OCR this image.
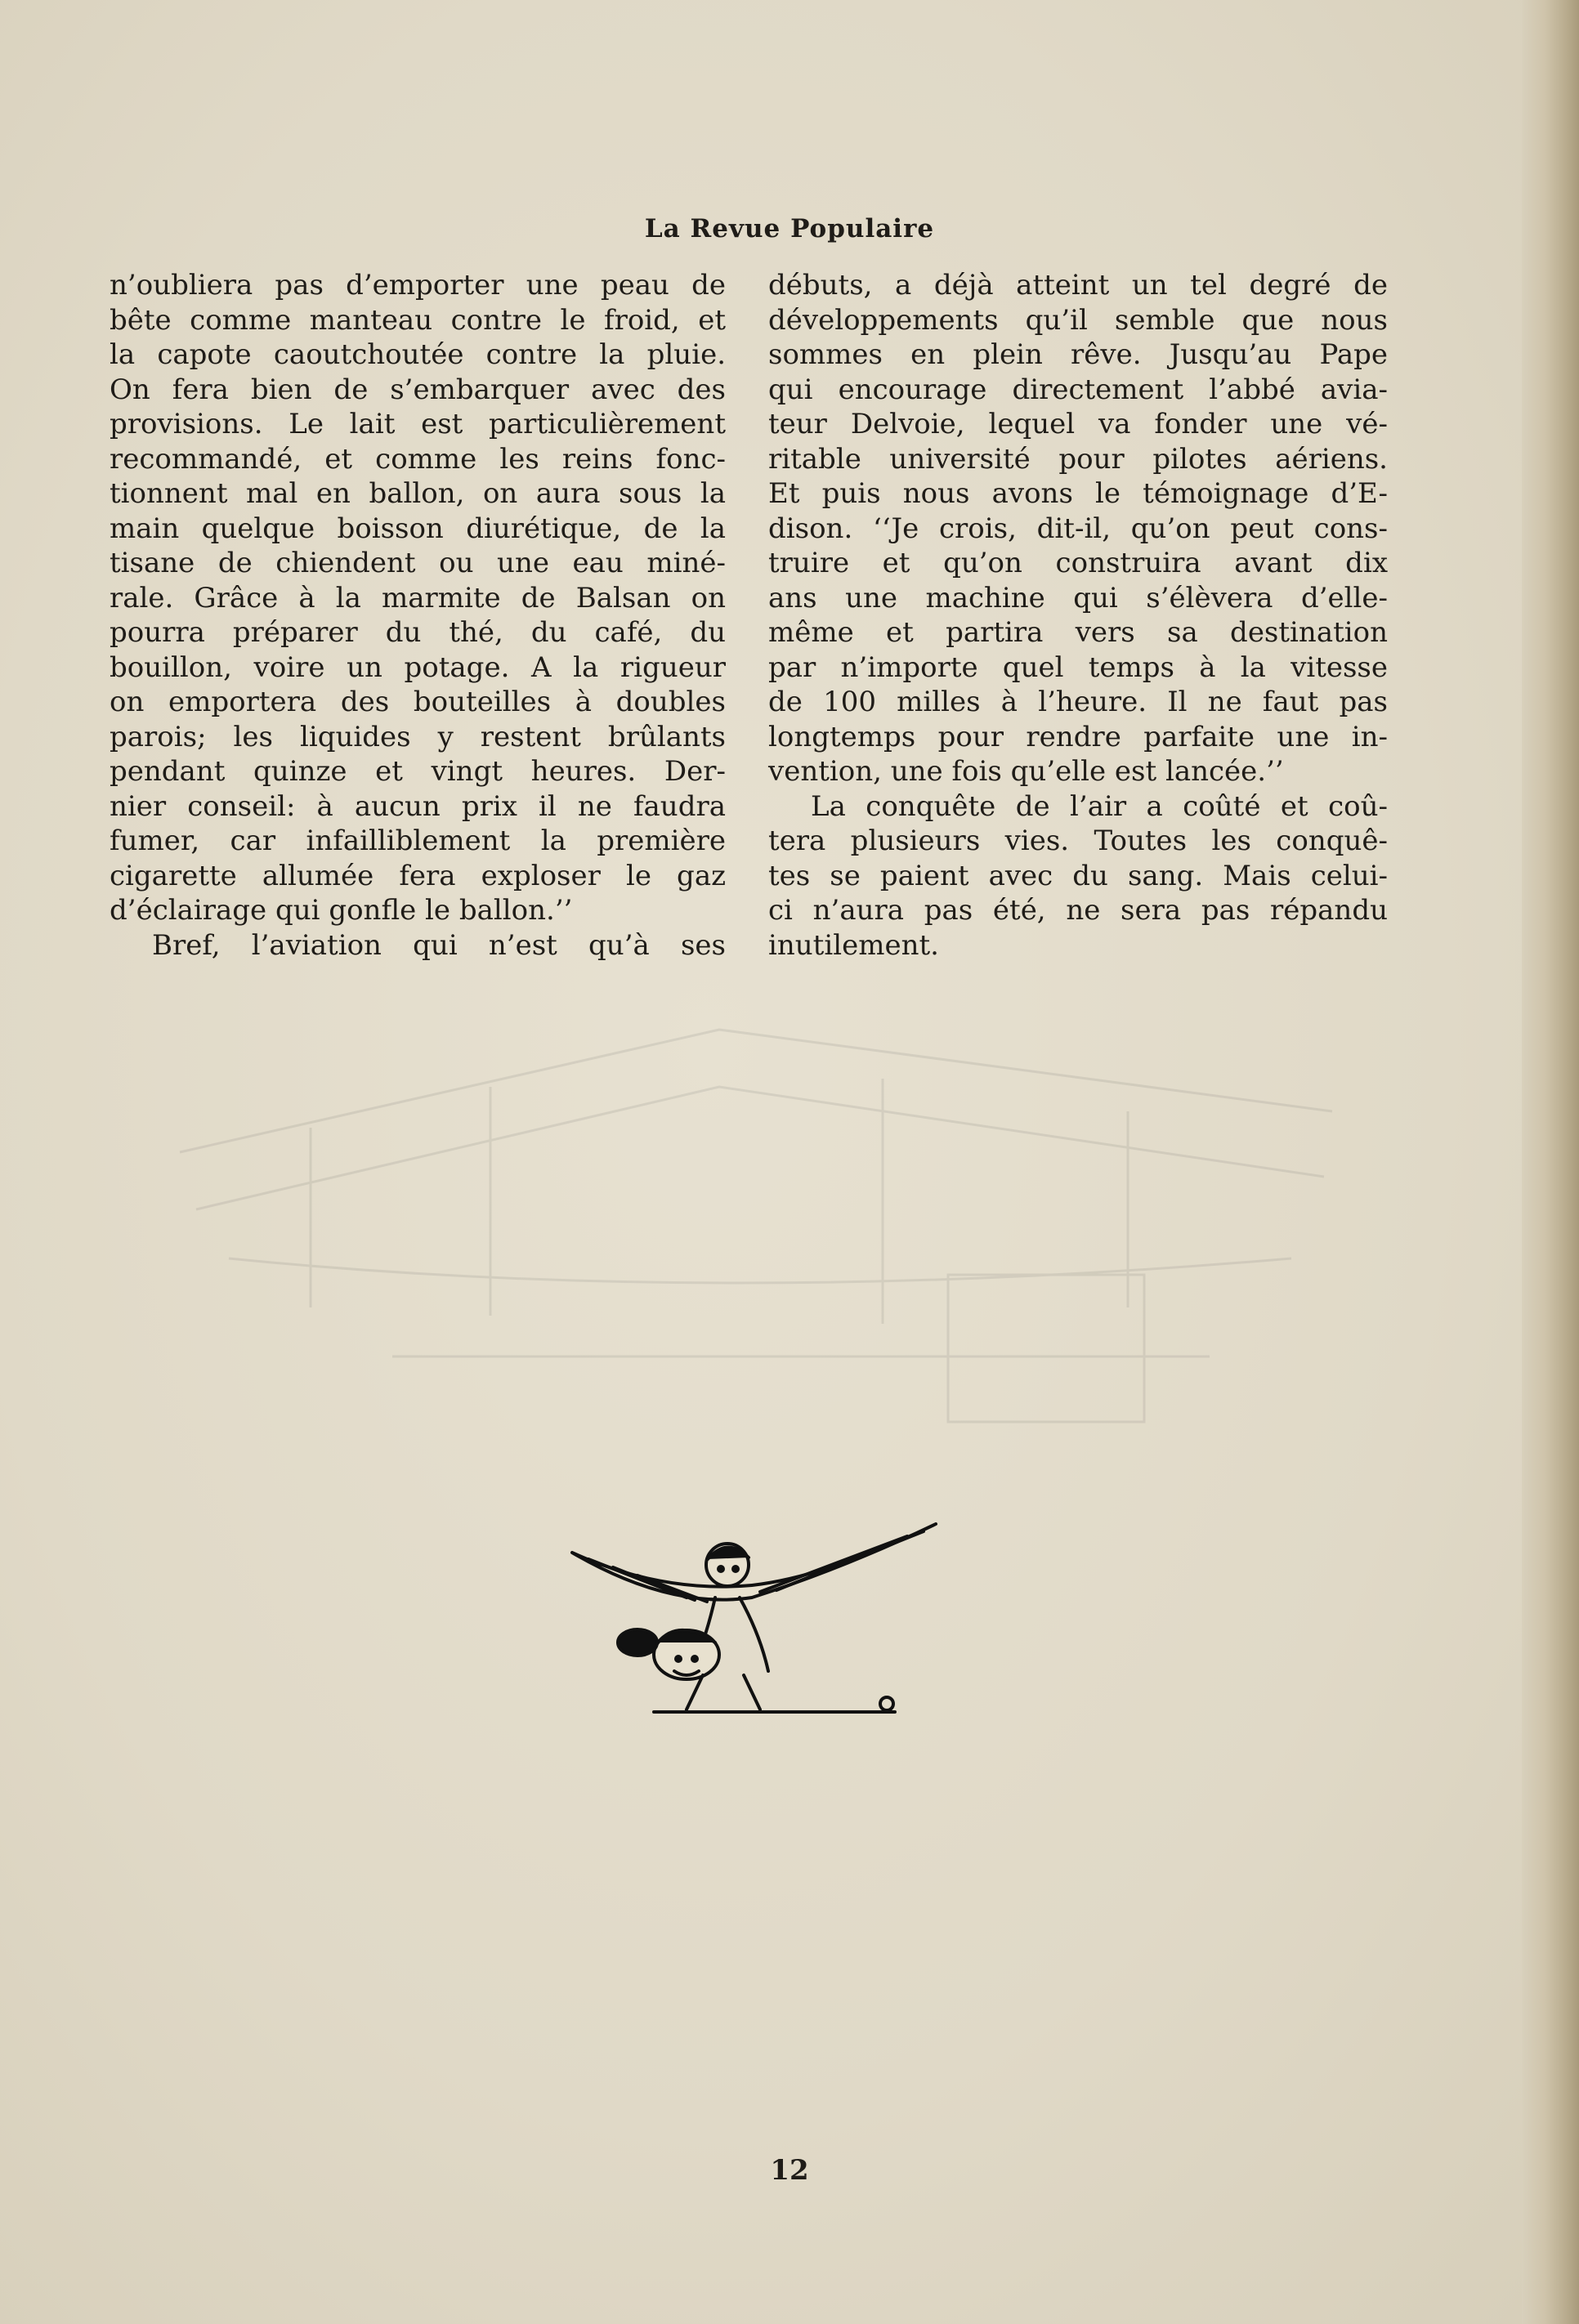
La Revue Populaire
n’oubliera pas d’emporter une peau de
bête comme manteau contre le froid, et
la capote caoutchoutée contre la pluie.
On fera bien de s’embarquer avec des
provisions. Le lait est particulièrement
recommandé, et comme les reins fonc-
tionnent mal en ballon, on aura sous la
main quelque boisson diurétique, de la
tisane de chiendent ou une eau miné-
rale. Grâce à la marmite de Balsan on
pourra préparer du thé, du café, du
bouillon, voire un potage. A la rigueur
on emportera des bouteilles à doubles
parois; les liquides y restent brûlants
pendant quinze et vingt heures. Der-
nier conseil: à aucun prix il ne faudra
fumer, car infailliblement la première
cigarette allumée fera exploser le gaz
d’éclairage qui gonfle le ballon.’’
Bref, l’aviation qui n’est qu’à ses
débuts, a déjà atteint un tel degré de
développements qu’il semble que nous
sommes en plein rêve. Jusqu’au Pape
qui encourage directement l’abbé avia-
teur Delvoie, lequel va fonder une vé-
ritable université pour pilotes aériens.
Et puis nous avons le témoignage d’E-
dison. ‘‘Je crois, dit-il, qu’on peut cons-
truire et qu’on construira avant dix
ans une machine qui s’élèvera d’elle-
même et partira vers sa destination
par n’importe quel temps à la vitesse
de 100 milles à l’heure. Il ne faut pas
longtemps pour rendre parfaite une in-
vention, une fois qu’elle est lancée.’’
La conquête de l’air a coûté et coû-
tera plusieurs vies. Toutes les conquê-
tes se paient avec du sang. Mais celui-
ci n’aura pas été, ne sera pas répandu
inutilement.
12
